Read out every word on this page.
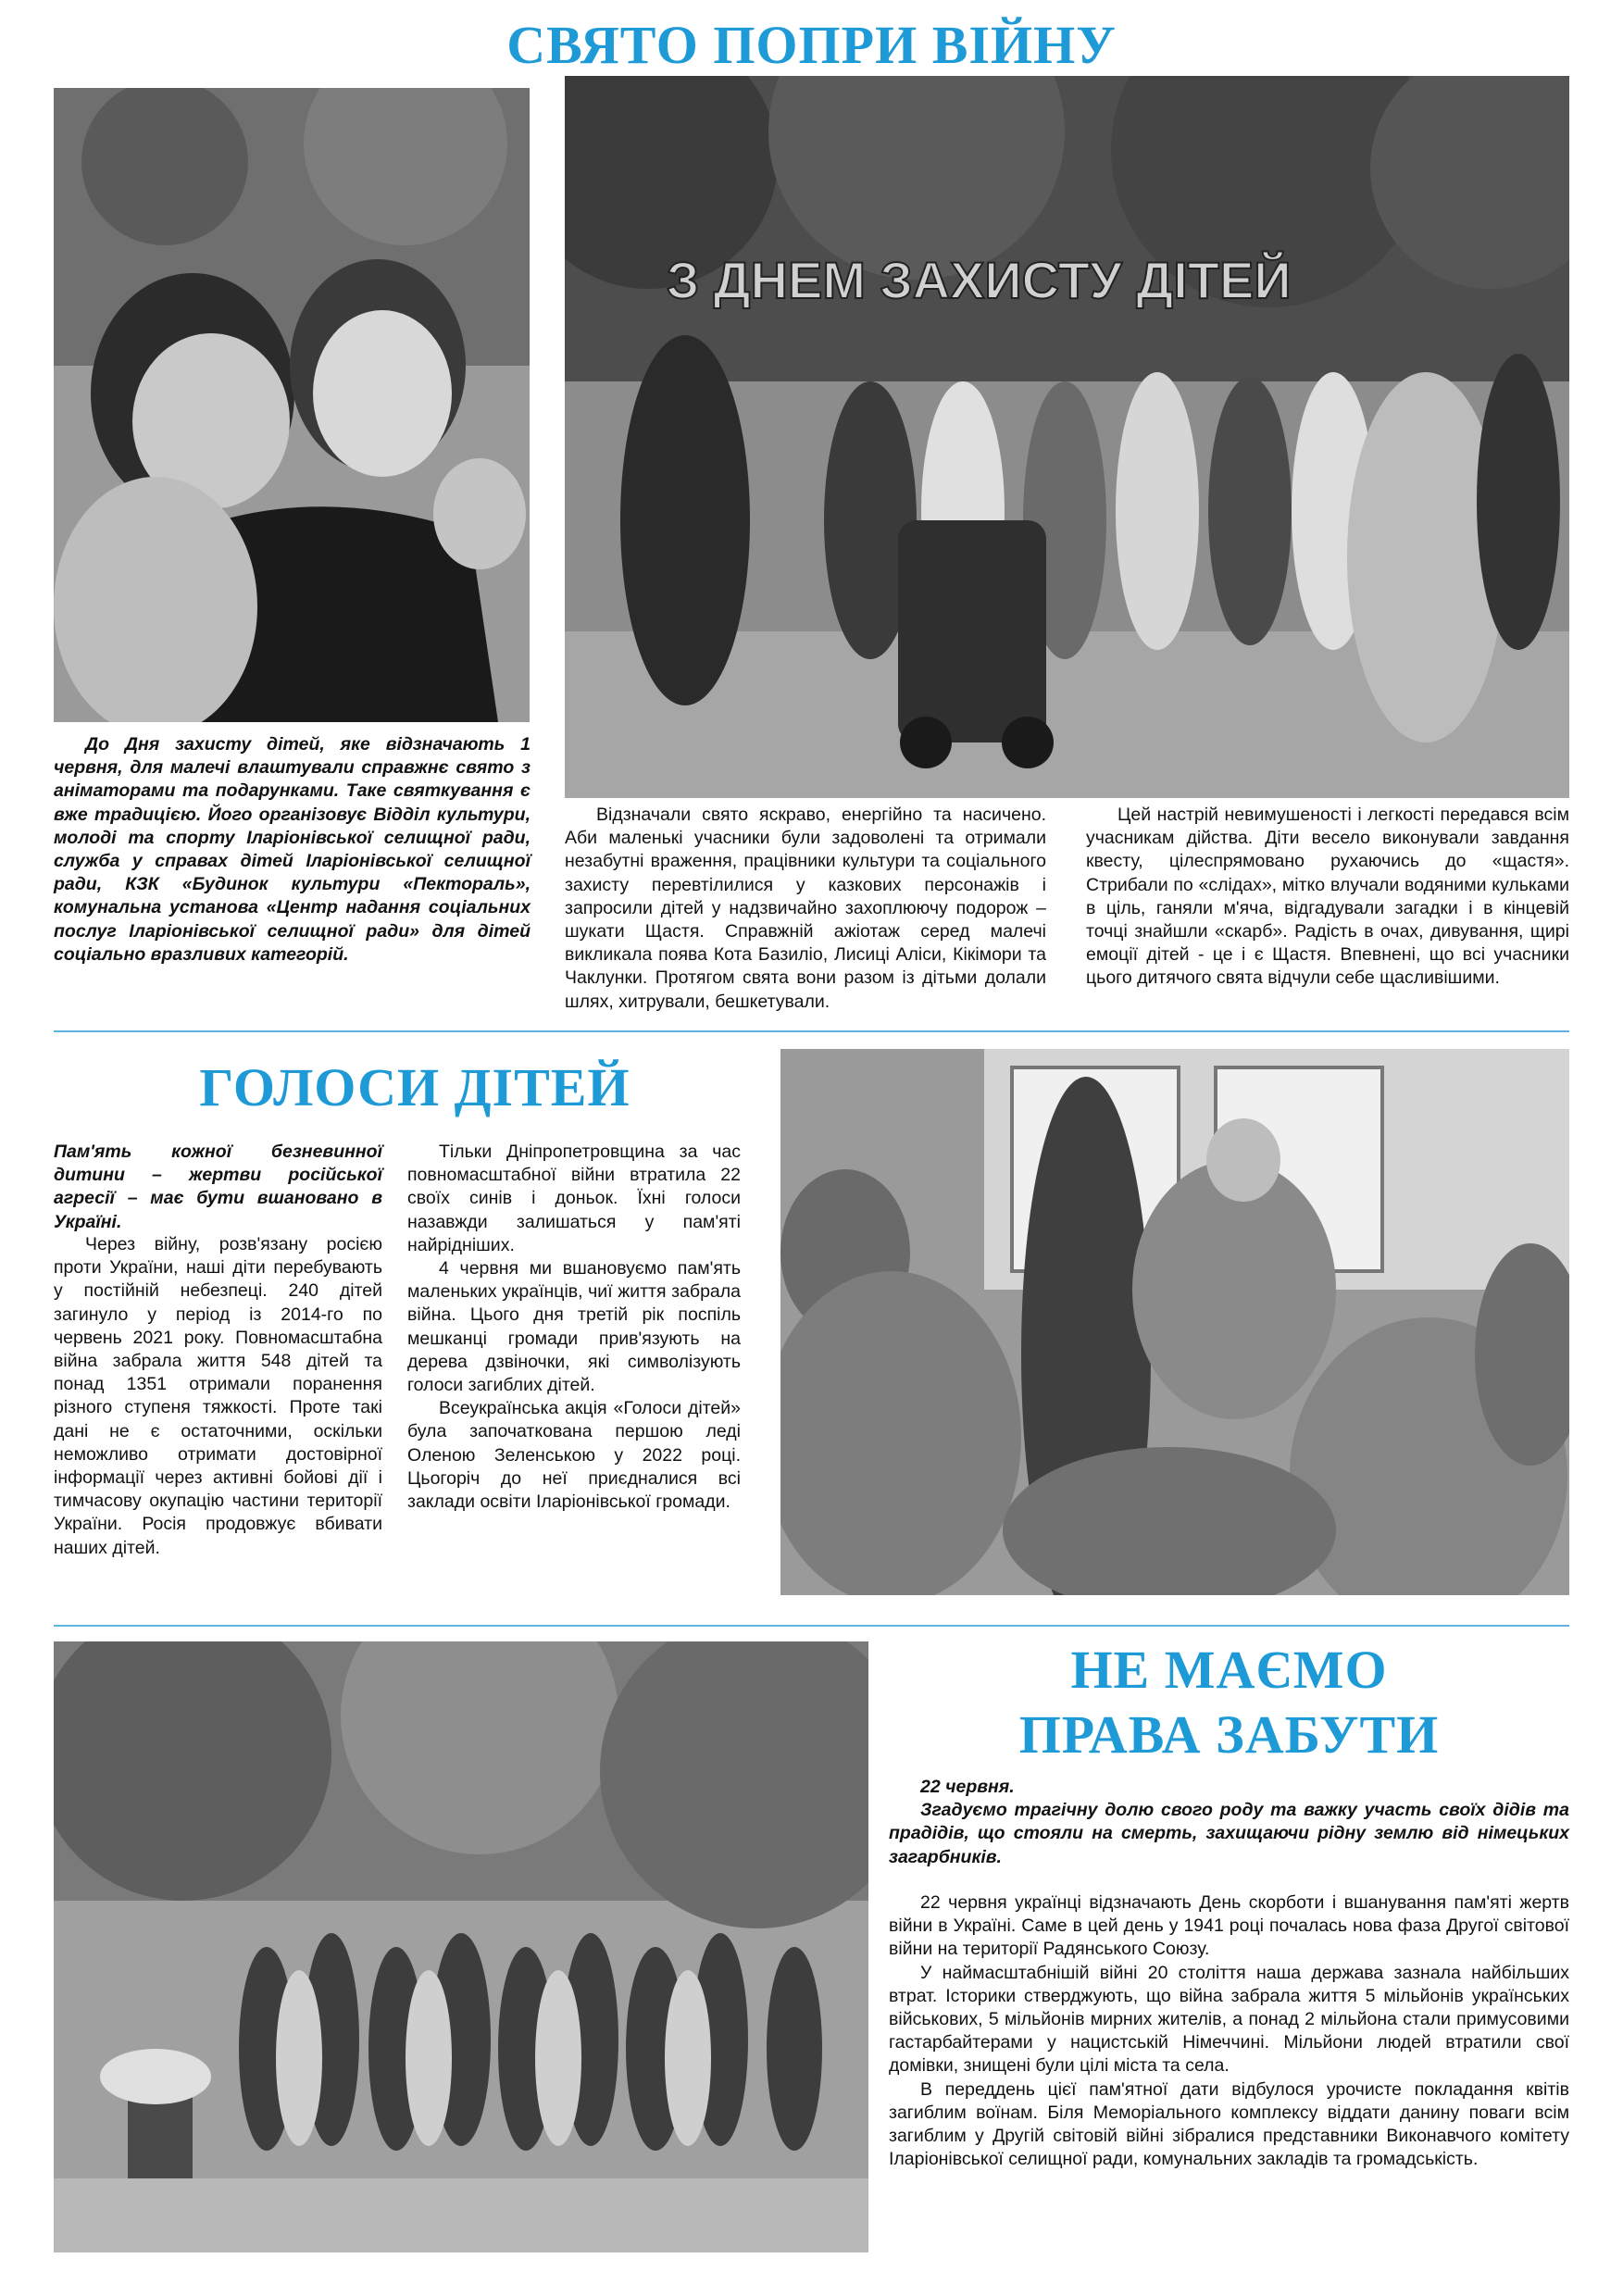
СВЯТО ПОПРИ ВІЙНУ
З ДНЕМ ЗАХИСТУ ДІТЕЙ

До Дня захисту дітей, яке відзначають 1 червня, для малечі влаштували справжнє свято з аніматорами та подарунками. Таке святкування є вже традицією. Його організовує Відділ культури, молоді та спорту Іларіонівської селищної ради, служба у справах дітей Іларіонівської селищної ради, КЗК «Будинок культури «Пектораль», комунальна установа «Центр надання соціальних послуг Іларіонівської селищної ради» для дітей соціально вразливих категорій.

Відзначали свято яскраво, енергійно та насичено. Аби маленькі учасники були задоволені та отримали незабутні враження, працівники культури та соціального захисту перевтілилися у казкових персонажів і запросили дітей у надзвичайно захоплюючу подорож – шукати Щастя. Справжній ажіотаж серед малечі викликала поява Кота Базиліо, Лисиці Аліси, Кікімори та Чаклунки. Протягом свята вони разом із дітьми долали шлях, хитрували, бешкетували.

Цей настрій невимушеності і легкості передався всім учасникам дійства. Діти весело виконували завдання квесту, цілеспрямовано рухаючись до «щастя». Стрибали по «слідах», мітко влучали водяними кульками в ціль, ганяли м'яча, відгадували загадки і в кінцевій точці знайшли «скарб». Радість в очах, дивування, щирі емоції дітей - це і є Щастя. Впевнені, що всі учасники цього дитячого свята відчули себе щасливішими.

ГОЛОСИ ДІТЕЙ

Пам'ять кожної безневинної дитини – жертви російської агресії – має бути вшановано в Україні.

Через війну, розв'язану росією проти України, наші діти перебувають у постійній небезпеці. 240 дітей загинуло у період із 2014-го по червень 2021 року. Повномасштабна війна забрала життя 548 дітей та понад 1351 отримали поранення різного ступеня тяжкості. Проте такі дані не є остаточними, оскільки неможливо отримати достовірної інформації через активні бойові дії і тимчасову окупацію частини території України. Росія продовжує вбивати наших дітей.

Тільки Дніпропетровщина за час повномасштабної війни втратила 22 своїх синів і доньок. Їхні голоси назавжди залишаться у пам'яті найрідніших.

4 червня ми вшановуємо пам'ять маленьких українців, чиї життя забрала війна. Цього дня третій рік поспіль мешканці громади прив'язують на дерева дзвіночки, які символізують голоси загиблих дітей.

Всеукраїнська акція «Голоси дітей» була започаткована першою леді Оленою Зеленською у 2022 році. Цьогоріч до неї приєдналися всі заклади освіти Іларіонівської громади.

НЕ МАЄМО
ПРАВА ЗАБУТИ

22 червня.

Згадуємо трагічну долю свого роду та важку участь своїх дідів та прадідів, що стояли на смерть, захищаючи рідну землю від німецьких загарбників.

22 червня українці відзначають День скорботи і вшанування пам'яті жертв війни в Україні. Саме в цей день у 1941 році почалась нова фаза Другої світової війни на території Радянського Союзу.

У наймасштабнішій війні 20 століття наша держава зазнала найбільших втрат. Історики стверджують, що війна забрала життя 5 мільйонів українських військових, 5 мільйонів мирних жителів, а понад 2 мільйона стали примусовими гастарбайтерами у нацистській Німеччині. Мільйони людей втратили свої домівки, знищені були цілі міста та села.

В переддень цієї пам'ятної дати відбулося урочисте покладання квітів загиблим воїнам. Біля Меморіального комплексу віддати данину поваги всім загиблим у Другій світовій війні зібралися представники Виконавчого комітету Іларіонівської селищної ради, комунальних закладів та громадськість.
